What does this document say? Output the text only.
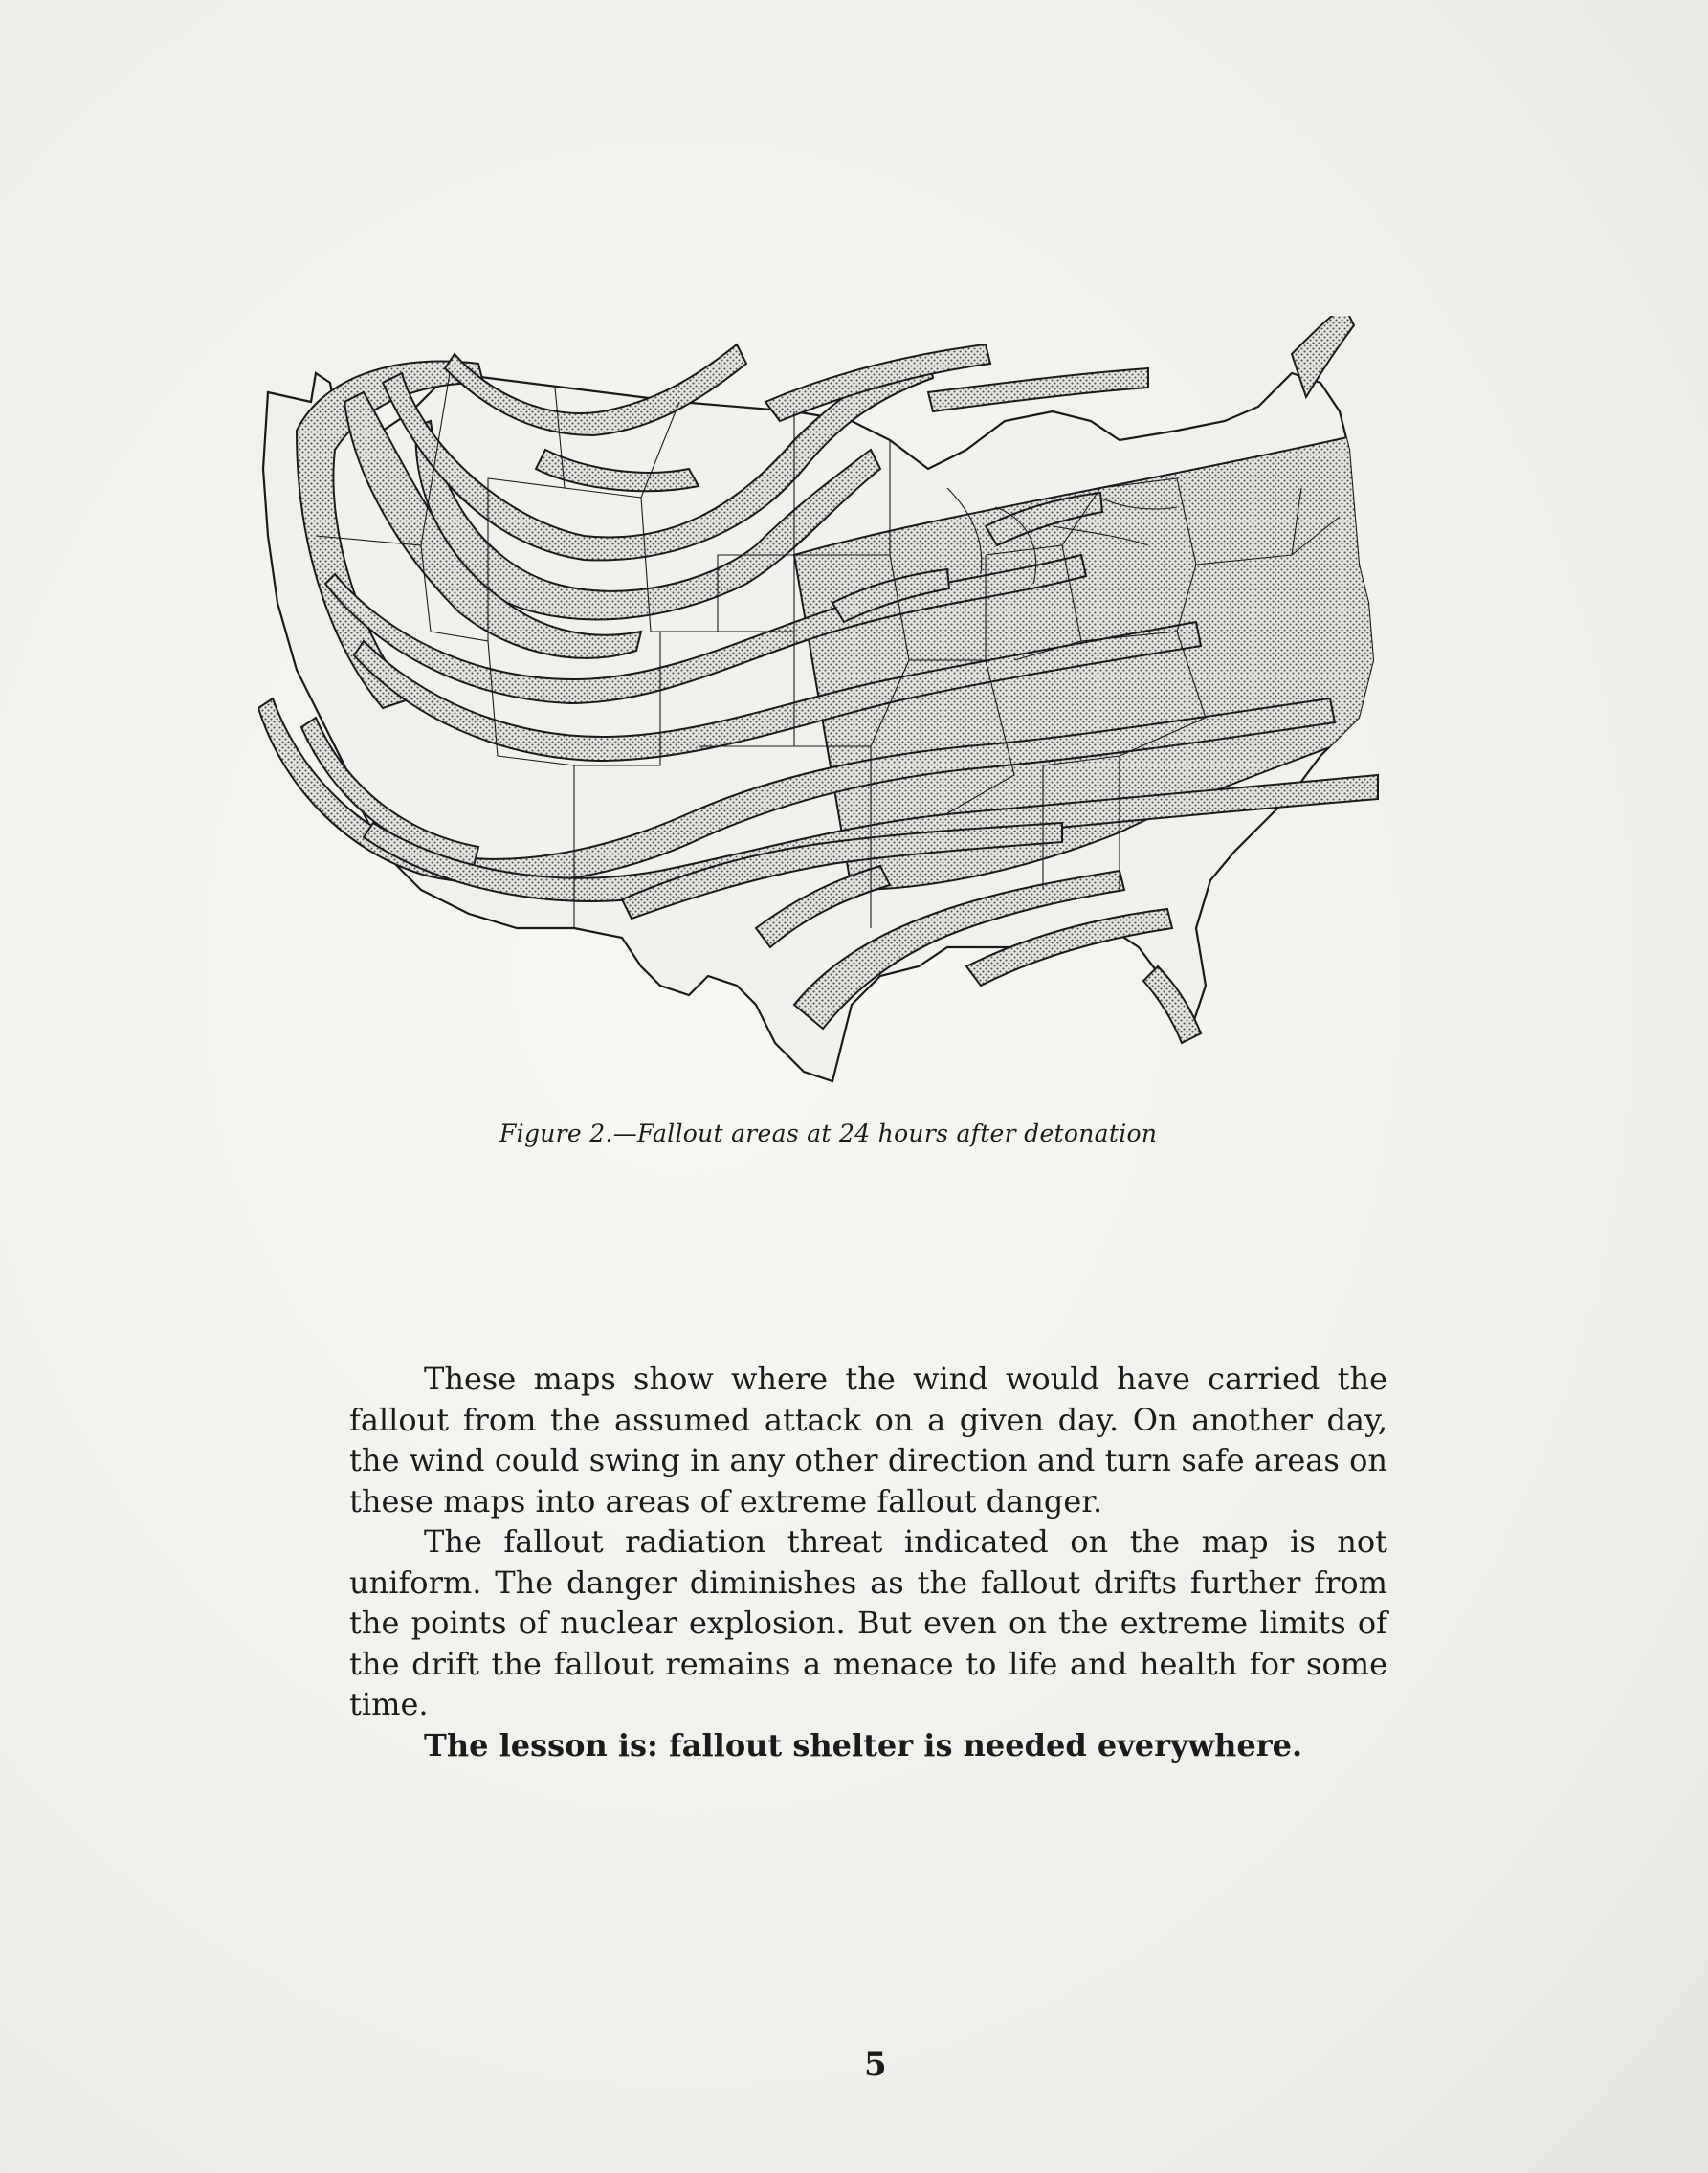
Figure 2.—Fallout areas at 24 hours after detonation

These maps show where the wind would have carried the fallout from the assumed attack on a given day. On another day, the wind could swing in any other direction and turn safe areas on these maps into areas of extreme fallout danger.

The fallout radiation threat indicated on the map is not uniform. The danger diminishes as the fallout drifts further from the points of nuclear explosion. But even on the extreme limits of the drift the fallout remains a menace to life and health for some time.

The lesson is: fallout shelter is needed everywhere.

5
